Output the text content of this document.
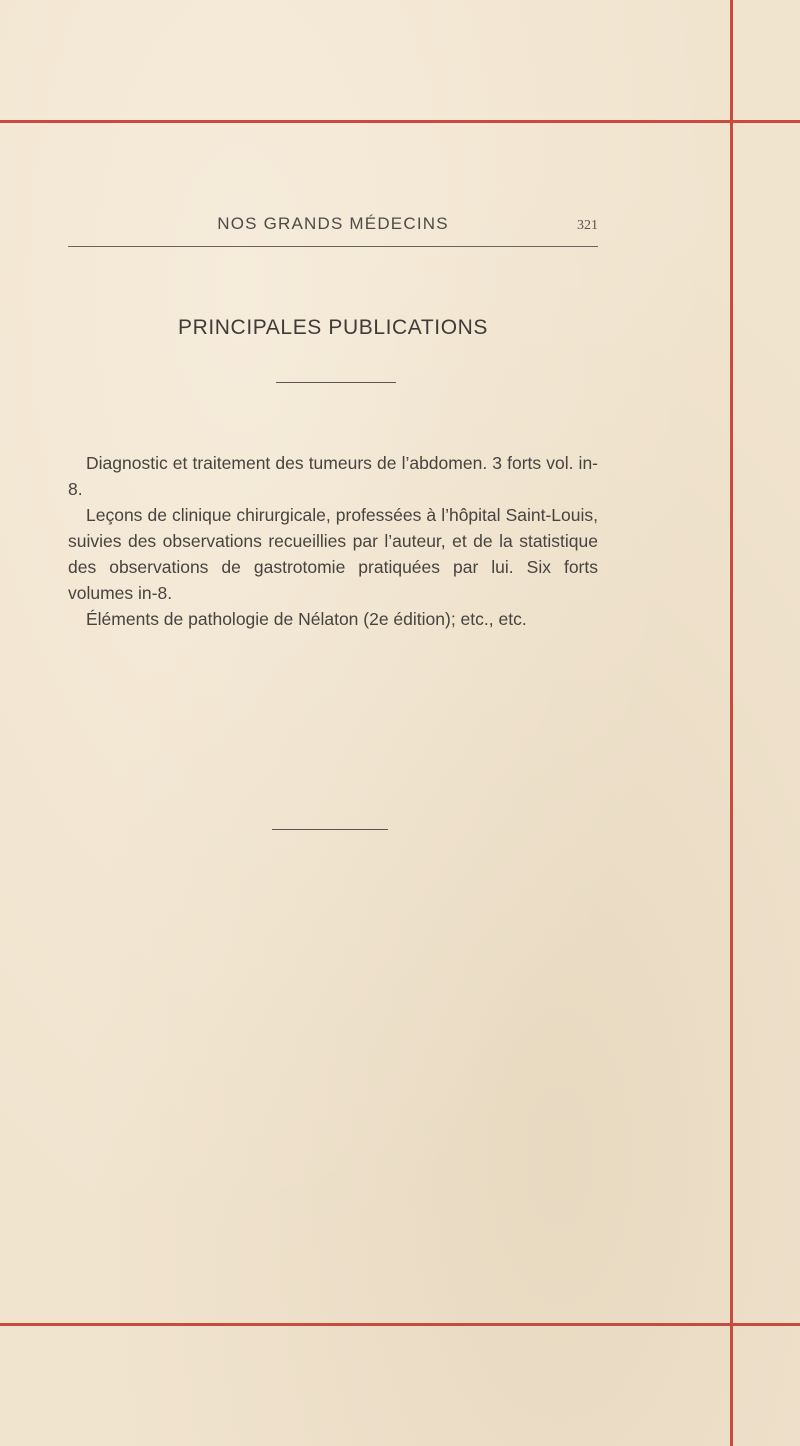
NOS GRANDS MÉDECINS	321
PRINCIPALES PUBLICATIONS

Diagnostic et traitement des tumeurs de l’abdomen. 3 forts vol. in-8.

Leçons de clinique chirurgicale, professées à l’hôpital Saint-Louis, suivies des observations recueillies par l’auteur, et de la statistique des observations de gastrotomie pratiquées par lui. Six forts volumes in-8.

Éléments de pathologie de Nélaton (2e édition); etc., etc.
